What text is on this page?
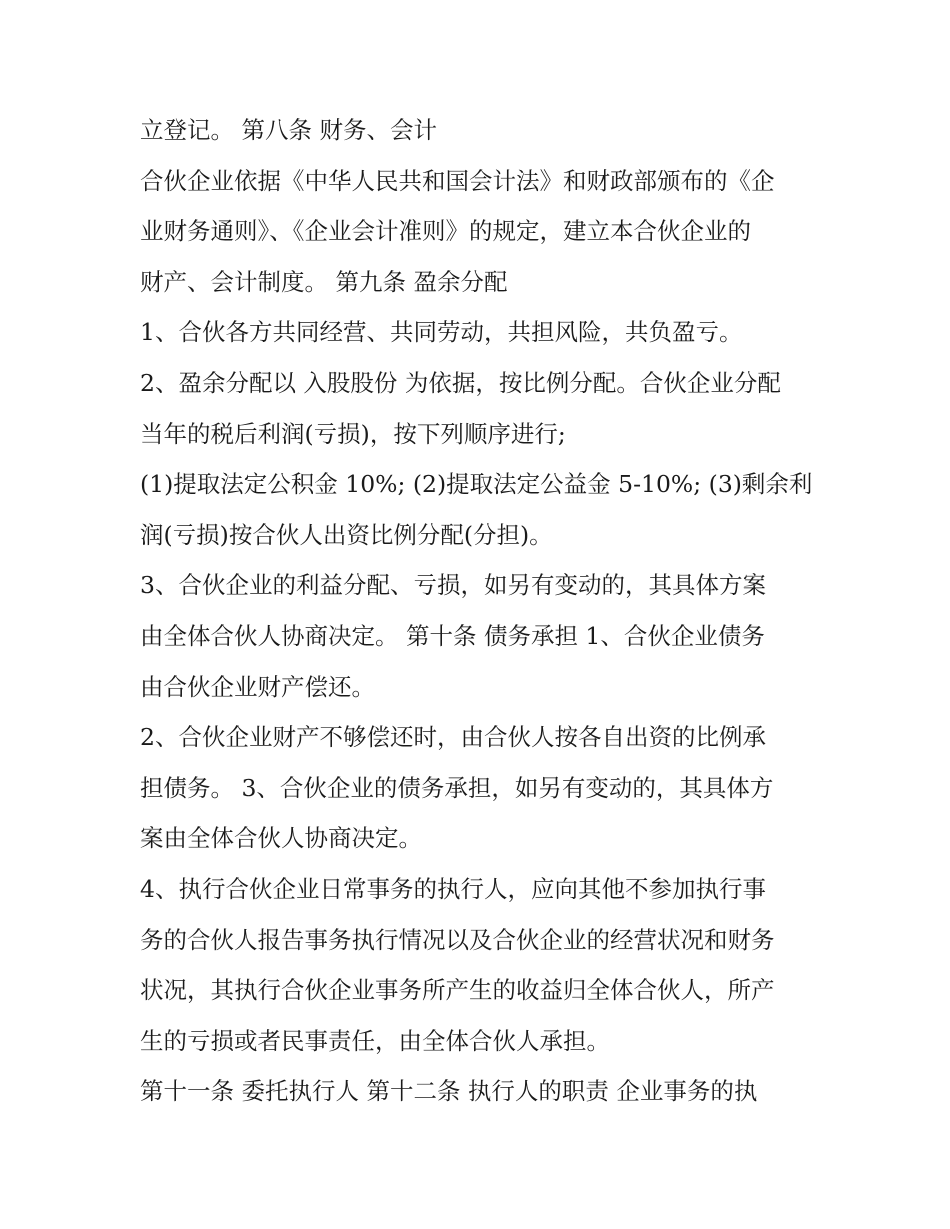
立登记。 第八条 财务、会计
合伙企业依据《中华人民共和国会计法》和财政部颁布的《企
业财务通则》、《企业会计准则》的规定，建立本合伙企业的
财产、会计制度。 第九条 盈余分配
1、合伙各方共同经营、共同劳动，共担风险，共负盈亏。
2、盈余分配以 入股股份 为依据，按比例分配。合伙企业分配
当年的税后利润(亏损)，按下列顺序进行;
(1)提取法定公积金 10%; (2)提取法定公益金 5-10%; (3)剩余利
润(亏损)按合伙人出资比例分配(分担)。
3、合伙企业的利益分配、亏损，如另有变动的，其具体方案
由全体合伙人协商决定。 第十条 债务承担 1、合伙企业债务
由合伙企业财产偿还。
2、合伙企业财产不够偿还时，由合伙人按各自出资的比例承
担债务。 3、合伙企业的债务承担，如另有变动的，其具体方
案由全体合伙人协商决定。
4、执行合伙企业日常事务的执行人，应向其他不参加执行事
务的合伙人报告事务执行情况以及合伙企业的经营状况和财务
状况，其执行合伙企业事务所产生的收益归全体合伙人，所产
生的亏损或者民事责任，由全体合伙人承担。
第十一条 委托执行人 第十二条 执行人的职责 企业事务的执
